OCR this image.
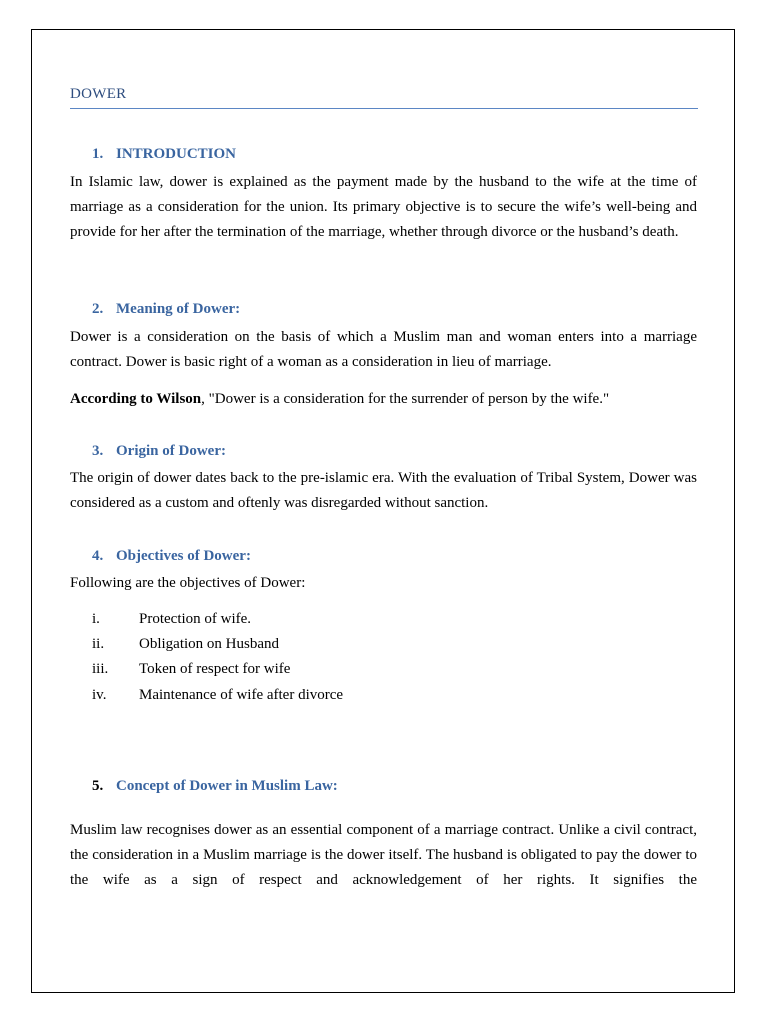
DOWER
1. INTRODUCTION
In Islamic law, dower is explained as the payment made by the husband to the wife at the time of marriage as a consideration for the union. Its primary objective is to secure the wife’s well-being and provide for her after the termination of the marriage, whether through divorce or the husband’s death.
2. Meaning of Dower:
Dower is a consideration on the basis of which a Muslim man and woman enters into a marriage contract. Dower is basic right of a woman as a consideration in lieu of marriage.
According to Wilson, "Dower is a consideration for the surrender of person by the wife."
3. Origin of Dower:
The origin of dower dates back to the pre-islamic era. With the evaluation of Tribal System, Dower was considered as a custom and oftenly was disregarded without sanction.
4. Objectives of Dower:
Following are the objectives of Dower:
i.	Protection of wife.
ii. Obligation on Husband
iii. Token of respect for wife
iv. Maintenance of wife after divorce
5. Concept of Dower in Muslim Law:
Muslim law recognises dower as an essential component of a marriage contract. Unlike a civil contract, the consideration in a Muslim marriage is the dower itself. The husband is obligated to pay the dower to the wife as a sign of respect and acknowledgement of her rights. It signifies the
